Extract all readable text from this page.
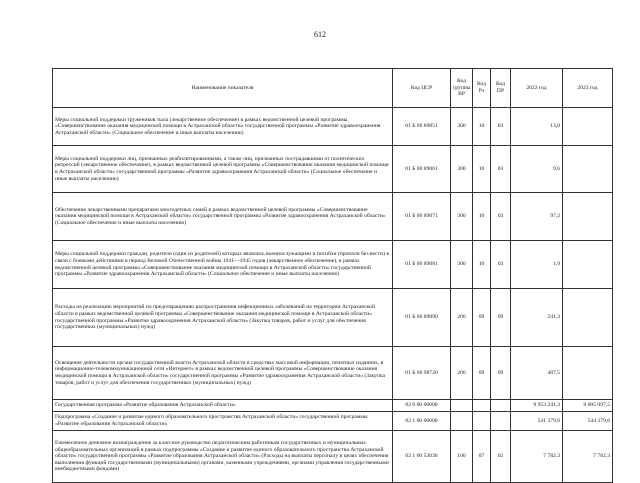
612
Наименование показателя	Код ЦСР	Код группы ВР	Код Рз	Код ПР	2022 год	2023 год
Меры социальной поддержки тружеников тыла (лекарственное обеспечение) в рамках ведомственной целевой программы «Совершенствование оказания медицинской помощи в Астраханской области» государственной программы «Развитие здравоохранения Астраханской области» (Социальное обеспечение и иные выплаты населению)	01 Б 00 89051	300	10	03	13,0	
Меры социальной поддержки лиц, признанных реабилитированными, а также лиц, признанных пострадавшими от политических репрессий (лекарственное обеспечение), в рамках ведомственной целевой программы «Совершенствование оказания медицинской помощи в Астраханской области» государственной программы «Развитие здравоохранения Астраханской области» (Социальное обеспечение и иные выплаты населению)	01 Б 00 89061	300	10	03	9,6	
Обеспечение лекарственными препаратами многодетных семей в рамках ведомственной целевой программы «Совершенствование оказания медицинской помощи в Астраханской области» государственной программы «Развитие здравоохранения Астраханской области» (Социальное обеспечение и иные выплаты населению)	01 Б 00 89071	300	10	03	97,2	
Меры социальной поддержки граждан, родители (один из родителей) которых являлись военнослужащими и погибли (пропали без вести) в связи с боевыми действиями в период Великой Отечественной войны 1941—1945 годов (лекарственное обеспечение), в рамках ведомственной целевой программы «Совершенствование оказания медицинской помощи в Астраханской области» государственной программы «Развитие здравоохранения Астраханской области» (Социальное обеспечение и иные выплаты населению)	01 Б 00 89081	300	10	03	1,9	
Расходы на реализацию мероприятий по предотвращению распространения инфекционных заболеваний на территории Астраханской области в рамках ведомственной целевой программы «Совершенствование оказания медицинской помощи в Астраханской области» государственной программы «Развитие здравоохранения Астраханской области» (Закупка товаров, работ и услуг для обеспечения государственных (муниципальных) нужд)	01 Б 00 89090	200	09	09	241,3	
Освещение деятельности органа государственной власти Астраханской области в средствах массовой информации, печатных изданиях, в информационно-телекоммуникационной сети «Интернет» в рамках ведомственной целевой программы «Совершенствование оказания медицинской помощи в Астраханской области» государственной программы «Развитие здравоохранения Астраханской области» (Закупка товаров, работ и услуг для обеспечения государственных (муниципальных) нужд)	01 Б 00 98720	200	09	09	487,5	
Государственная программа «Развитие образования Астраханской области»	02 0 00 00000				9 953 241,3	8 005 097,5
Подпрограмма «Создание и развитие единого образовательного пространства Астраханской области» государственной программы «Развитие образования Астраханской области»	02 1 00 00000				541 379,6	544 379,6
Ежемесячное денежное вознаграждение за классное руководство педагогическим работникам государственных и муниципальных общеобразовательных организаций в рамках подпрограммы «Создание и развитие единого образовательного пространства Астраханской области» государственной программы «Развитие образования Астраханской области» (Расходы на выплаты персоналу в целях обеспечения выполнения функций государственными (муниципальными) органами, казенными учреждениями, органами управления государственными внебюджетными фондами)	02 1 00 53030	100	07	02	7 782,3	7 782,3
